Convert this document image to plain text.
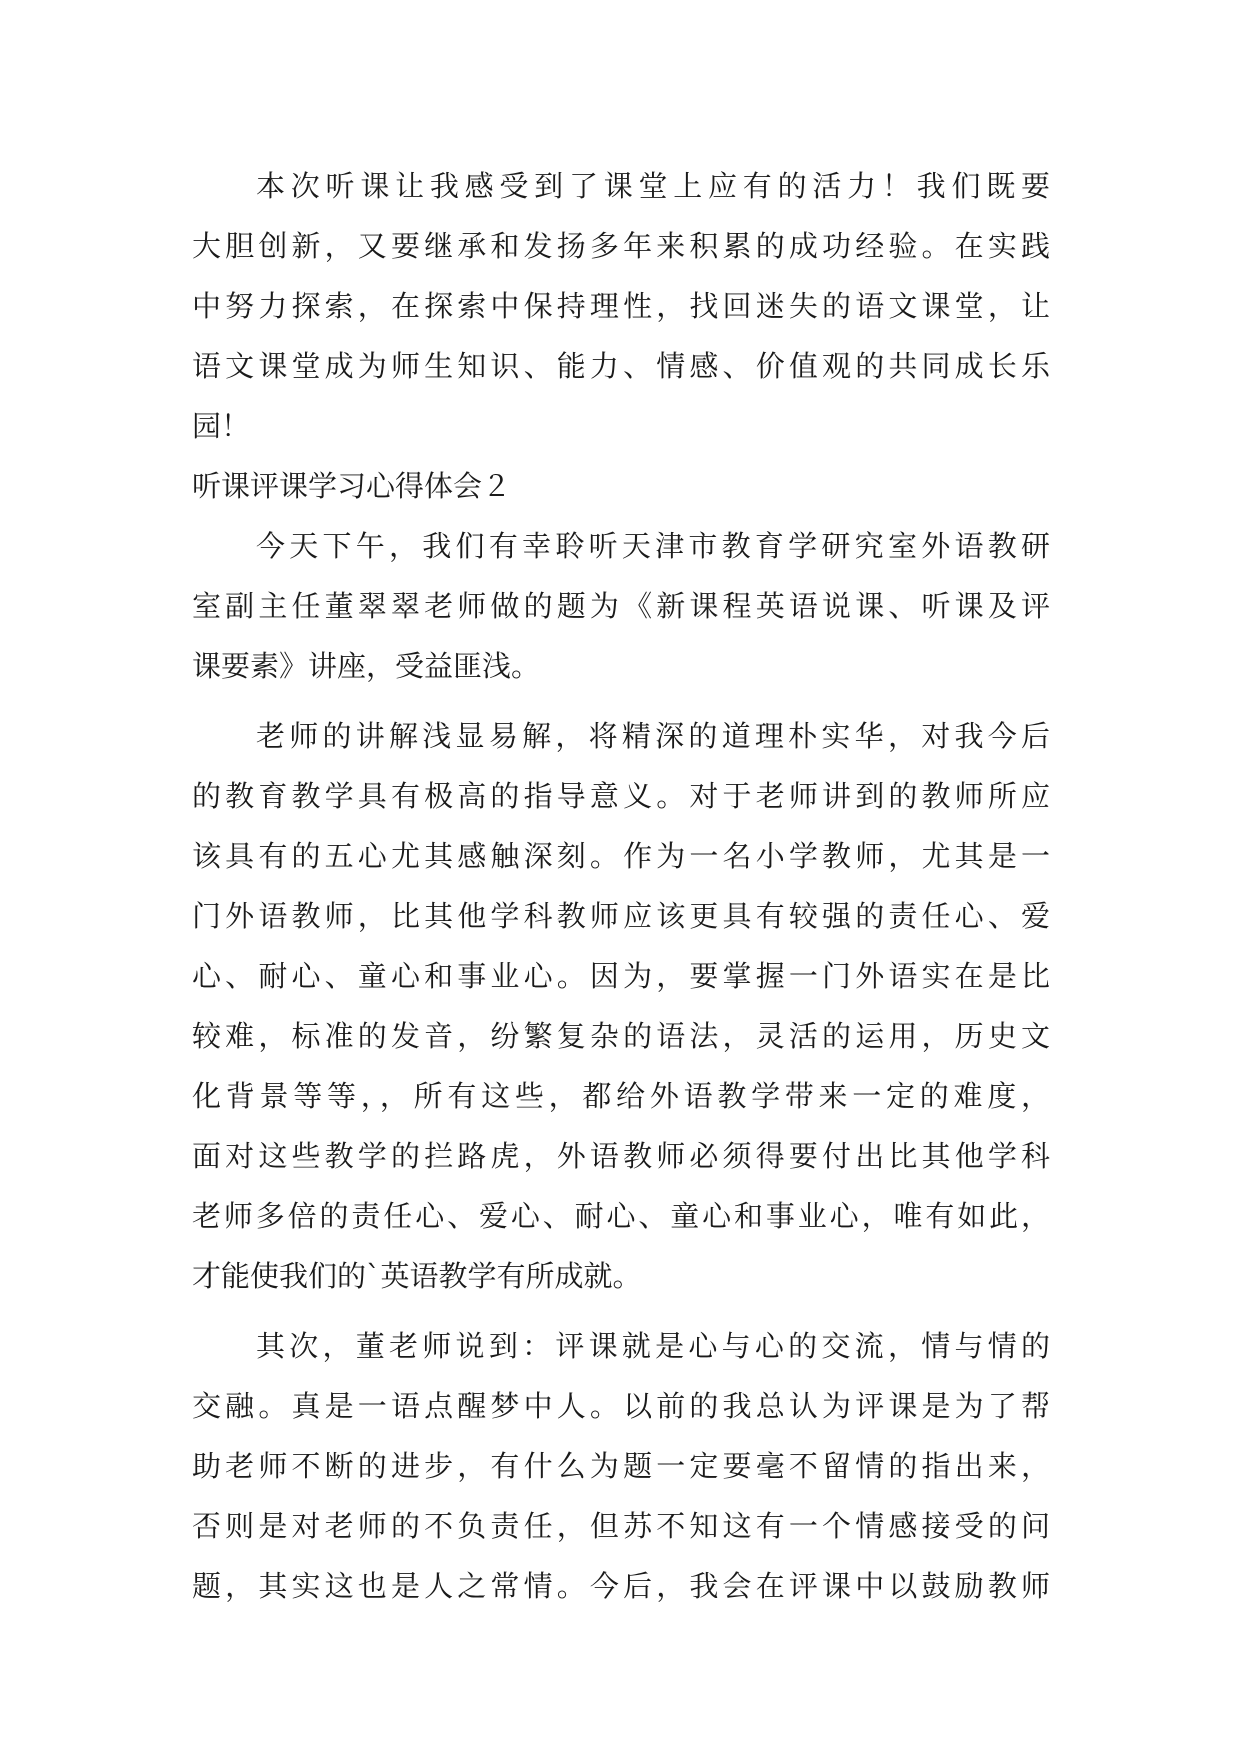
本次听课让我感受到了课堂上应有的活力！我们既要
大胆创新，又要继承和发扬多年来积累的成功经验。在实践
中努力探索，在探索中保持理性，找回迷失的语文课堂，让
语文课堂成为师生知识、能力、情感、价值观的共同成长乐
园！
听课评课学习心得体会２
今天下午，我们有幸聆听天津市教育学研究室外语教研
室副主任董翠翠老师做的题为《新课程英语说课、听课及评
课要素》讲座，受益匪浅。
老师的讲解浅显易解，将精深的道理朴实华，对我今后
的教育教学具有极高的指导意义。对于老师讲到的教师所应
该具有的五心尤其感触深刻。作为一名小学教师，尤其是一
门外语教师，比其他学科教师应该更具有较强的责任心、爱
心、耐心、童心和事业心。因为，要掌握一门外语实在是比
较难，标准的发音，纷繁复杂的语法，灵活的运用，历史文
化背景等等，，所有这些，都给外语教学带来一定的难度，
面对这些教学的拦路虎，外语教师必须得要付出比其他学科
老师多倍的责任心、爱心、耐心、童心和事业心，唯有如此，
才能使我们的`英语教学有所成就。
其次，董老师说到：评课就是心与心的交流，情与情的
交融。真是一语点醒梦中人。以前的我总认为评课是为了帮
助老师不断的进步，有什么为题一定要毫不留情的指出来，
否则是对老师的不负责任，但苏不知这有一个情感接受的问
题，其实这也是人之常情。今后，我会在评课中以鼓励教师
